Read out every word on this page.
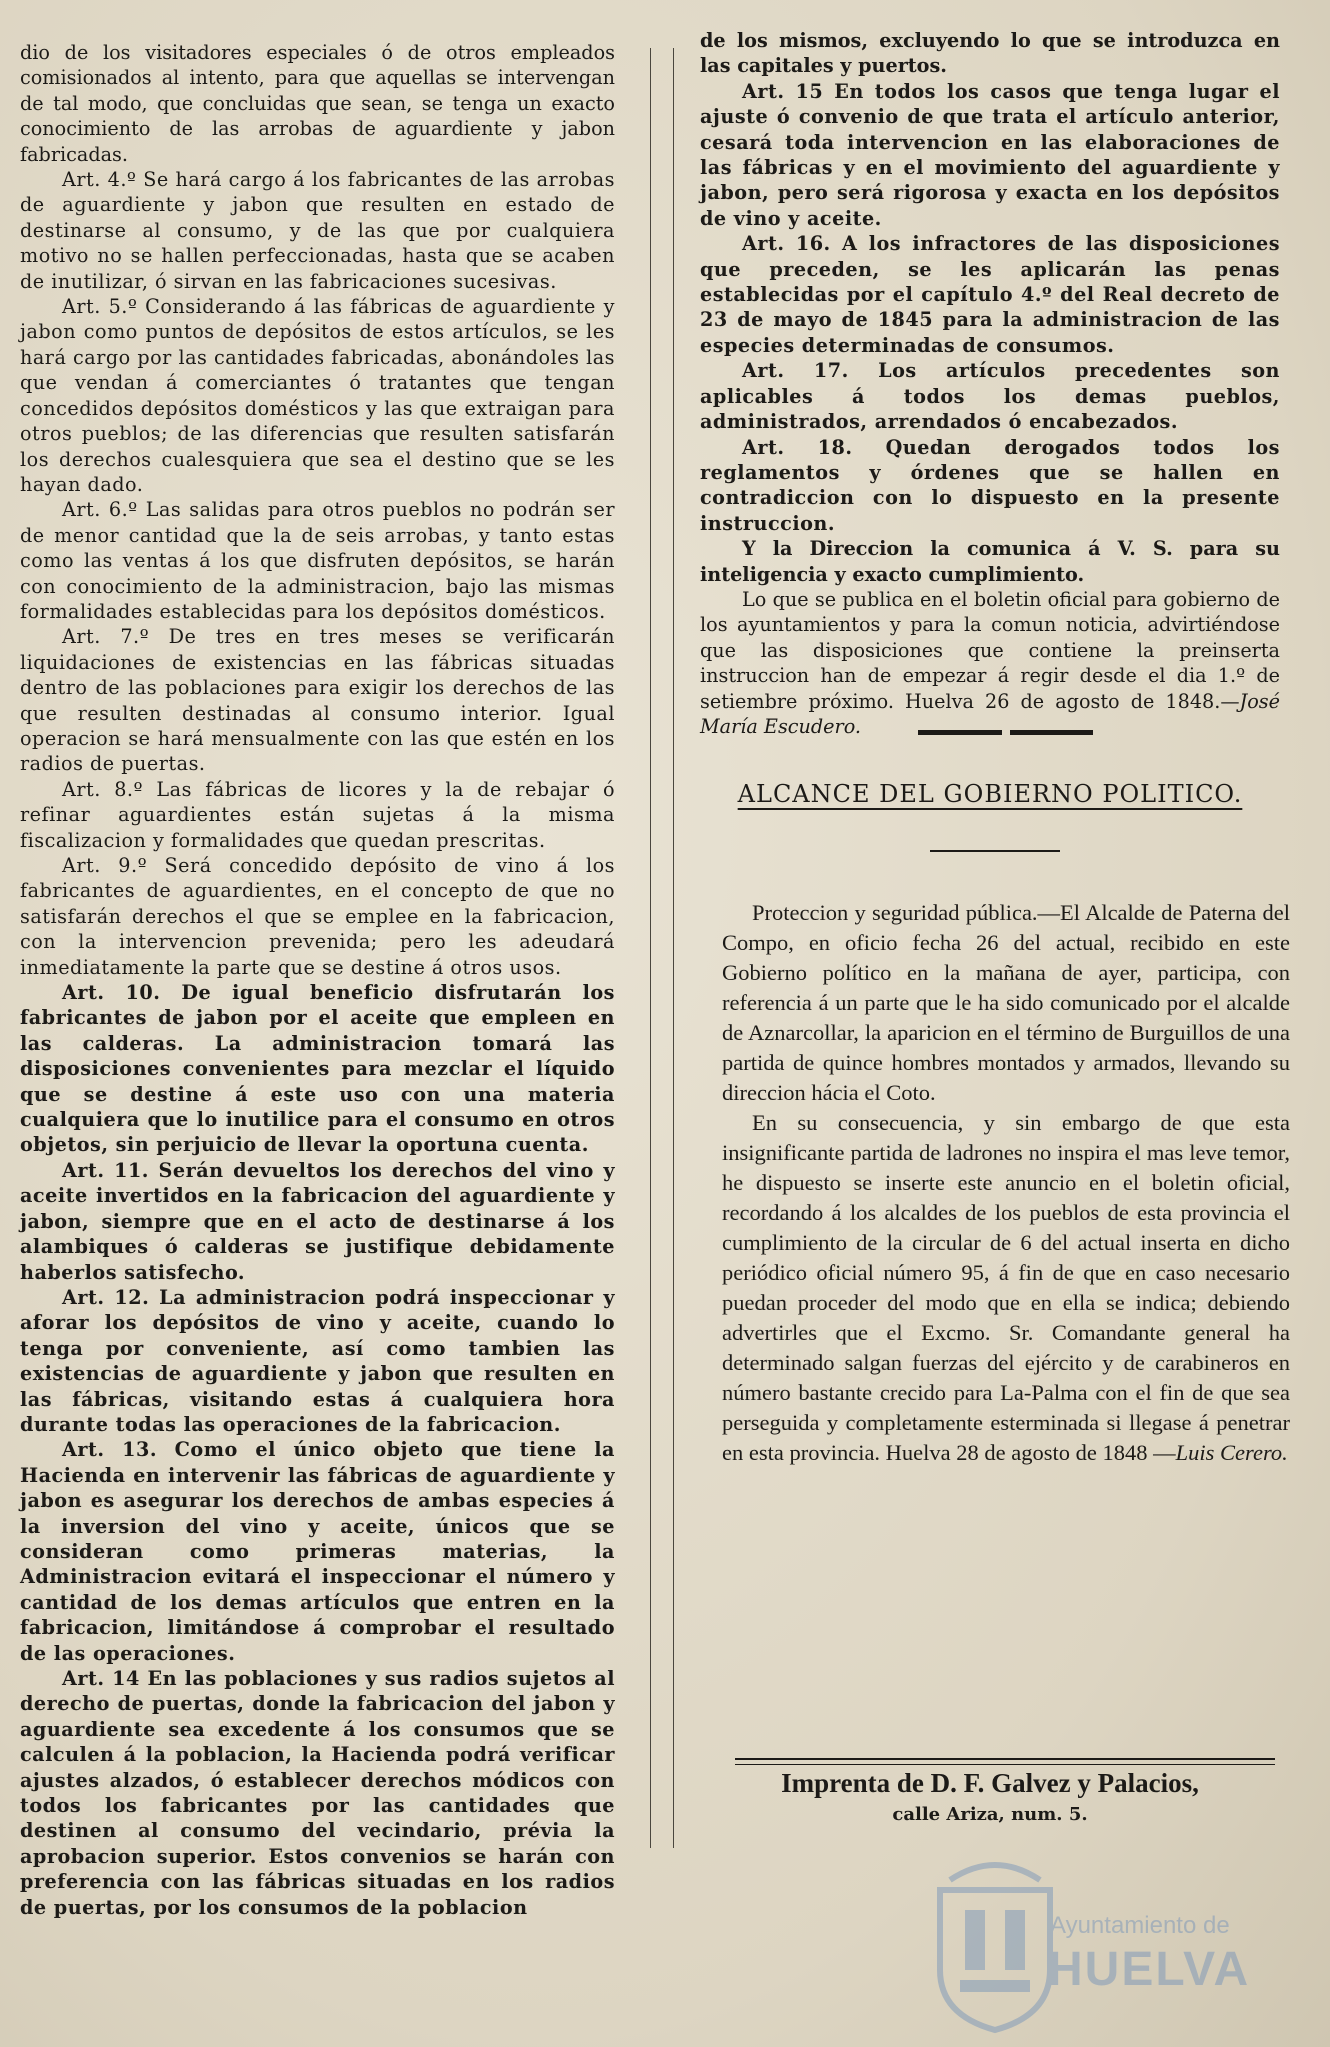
dio de los visitadores especiales ó de otros empleados comisionados al intento, para que aquellas se intervengan de tal modo, que concluidas que sean, se tenga un exacto conocimiento de las arrobas de aguardiente y jabon fabricadas.

Art. 4.º Se hará cargo á los fabricantes de las arrobas de aguardiente y jabon que resulten en estado de destinarse al consumo, y de las que por cualquiera motivo no se hallen perfeccionadas, hasta que se acaben de inutilizar, ó sirvan en las fabricaciones sucesivas.

Art. 5.º Considerando á las fábricas de aguardiente y jabon como puntos de depósitos de estos artículos, se les hará cargo por las cantidades fabricadas, abonándoles las que vendan á comerciantes ó tratantes que tengan concedidos depósitos domésticos y las que extraigan para otros pueblos; de las diferencias que resulten satisfarán los derechos cualesquiera que sea el destino que se les hayan dado.

Art. 6.º Las salidas para otros pueblos no podrán ser de menor cantidad que la de seis arrobas, y tanto estas como las ventas á los que disfruten depósitos, se harán con conocimiento de la administracion, bajo las mismas formalidades establecidas para los depósitos domésticos.

Art. 7.º De tres en tres meses se verificarán liquidaciones de existencias en las fábricas situadas dentro de las poblaciones para exigir los derechos de las que resulten destinadas al consumo interior. Igual operacion se hará mensualmente con las que estén en los radios de puertas.

Art. 8.º Las fábricas de licores y la de rebajar ó refinar aguardientes están sujetas á la misma fiscalizacion y formalidades que quedan prescritas.

Art. 9.º Será concedido depósito de vino á los fabricantes de aguardientes, en el concepto de que no satisfarán derechos el que se emplee en la fabricacion, con la intervencion prevenida; pero les adeudará inmediatamente la parte que se destine á otros usos.

Art. 10. De igual beneficio disfrutarán los fabricantes de jabon por el aceite que empleen en las calderas. La administracion tomará las disposiciones convenientes para mezclar el líquido que se destine á este uso con una materia cualquiera que lo inutilice para el consumo en otros objetos, sin perjuicio de llevar la oportuna cuenta.

Art. 11. Serán devueltos los derechos del vino y aceite invertidos en la fabricacion del aguardiente y jabon, siempre que en el acto de destinarse á los alambiques ó calderas se justifique debidamente haberlos satisfecho.

Art. 12. La administracion podrá inspeccionar y aforar los depósitos de vino y aceite, cuando lo tenga por conveniente, así como tambien las existencias de aguardiente y jabon que resulten en las fábricas, visitando estas á cualquiera hora durante todas las operaciones de la fabricacion.

Art. 13. Como el único objeto que tiene la Hacienda en intervenir las fábricas de aguardiente y jabon es asegurar los derechos de ambas especies á la inversion del vino y aceite, únicos que se consideran como primeras materias, la Administracion evitará el inspeccionar el número y cantidad de los demas artículos que entren en la fabricacion, limitándose á comprobar el resultado de las operaciones.

Art. 14 En las poblaciones y sus radios sujetos al derecho de puertas, donde la fabricacion del jabon y aguardiente sea excedente á los consumos que se calculen á la poblacion, la Hacienda podrá verificar ajustes alzados, ó establecer derechos módicos con todos los fabricantes por las cantidades que destinen al consumo del vecindario, prévia la aprobacion superior. Estos convenios se harán con preferencia con las fábricas situadas en los radios de puertas, por los consumos de la poblacion

de los mismos, excluyendo lo que se introduzca en las capitales y puertos.

Art. 15 En todos los casos que tenga lugar el ajuste ó convenio de que trata el artículo anterior, cesará toda intervencion en las elaboraciones de las fábricas y en el movimiento del aguardiente y jabon, pero será rigorosa y exacta en los depósitos de vino y aceite.

Art. 16. A los infractores de las disposiciones que preceden, se les aplicarán las penas establecidas por el capítulo 4.º del Real decreto de 23 de mayo de 1845 para la administracion de las especies determinadas de consumos.

Art. 17. Los artículos precedentes son aplicables á todos los demas pueblos, administrados, arrendados ó encabezados.

Art. 18. Quedan derogados todos los reglamentos y órdenes que se hallen en contradiccion con lo dispuesto en la presente instruccion.

Y la Direccion la comunica á V. S. para su inteligencia y exacto cumplimiento.

Lo que se publica en el boletin oficial para gobierno de los ayuntamientos y para la comun noticia, advirtiéndose que las disposiciones que contiene la preinserta instruccion han de empezar á regir desde el dia 1.º de setiembre próximo. Huelva 26 de agosto de 1848.—José María Escudero.

ALCANCE DEL GOBIERNO POLITICO.

Proteccion y seguridad pública.—El Alcalde de Paterna del Compo, en oficio fecha 26 del actual, recibido en este Gobierno político en la mañana de ayer, participa, con referencia á un parte que le ha sido comunicado por el alcalde de Aznarcollar, la aparicion en el término de Burguillos de una partida de quince hombres montados y armados, llevando su direccion hácia el Coto.

En su consecuencia, y sin embargo de que esta insignificante partida de ladrones no inspira el mas leve temor, he dispuesto se inserte este anuncio en el boletin oficial, recordando á los alcaldes de los pueblos de esta provincia el cumplimiento de la circular de 6 del actual inserta en dicho periódico oficial número 95, á fin de que en caso necesario puedan proceder del modo que en ella se indica; debiendo advertirles que el Excmo. Sr. Comandante general ha determinado salgan fuerzas del ejército y de carabineros en número bastante crecido para La-Palma con el fin de que sea perseguida y completamente esterminada si llegase á penetrar en esta provincia. Huelva 28 de agosto de 1848 —Luis Cerero.

Imprenta de D. F. Galvez y Palacios,
calle Ariza, num. 5.
Ayuntamiento de
HUELVA
